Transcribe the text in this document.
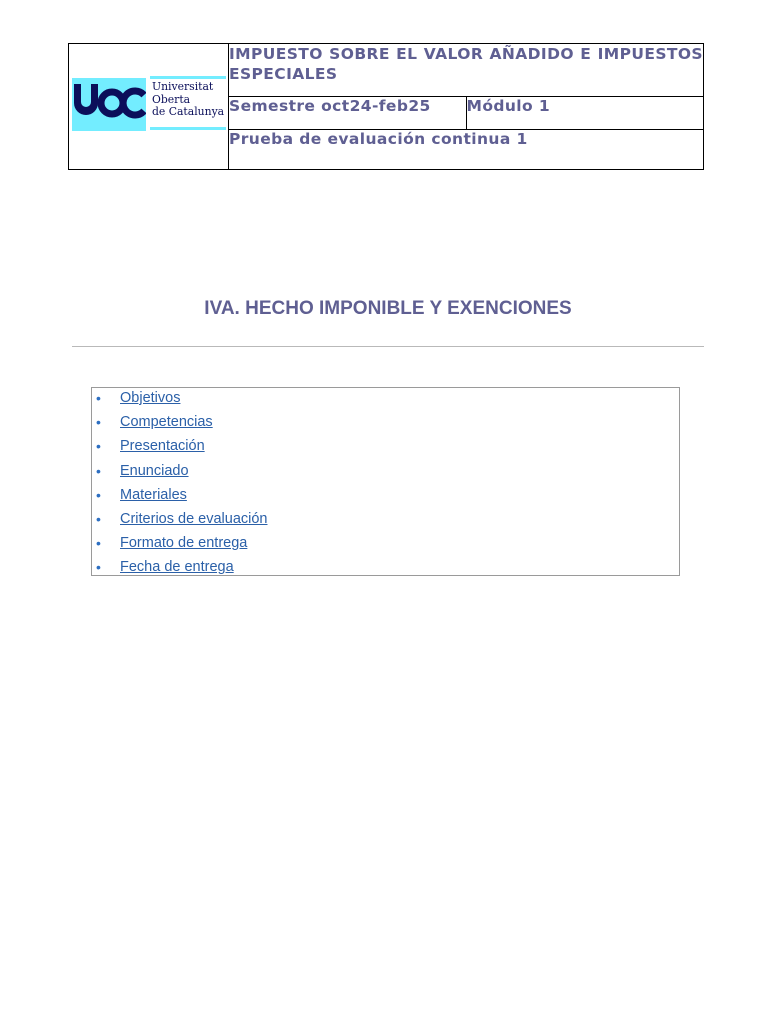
Universitat
Oberta
de Catalunya	IMPUESTO SOBRE EL VALOR AÑADIDO E IMPUESTOS ESPECIALES	
	Semestre oct24-feb25	Módulo 1
	Prueba de evaluación continua 1	
IVA. HECHO IMPONIBLE Y EXENCIONES
• Objetivos
• Competencias
• Presentación
• Enunciado
• Materiales
• Criterios de evaluación
• Formato de entrega
• Fecha de entrega
